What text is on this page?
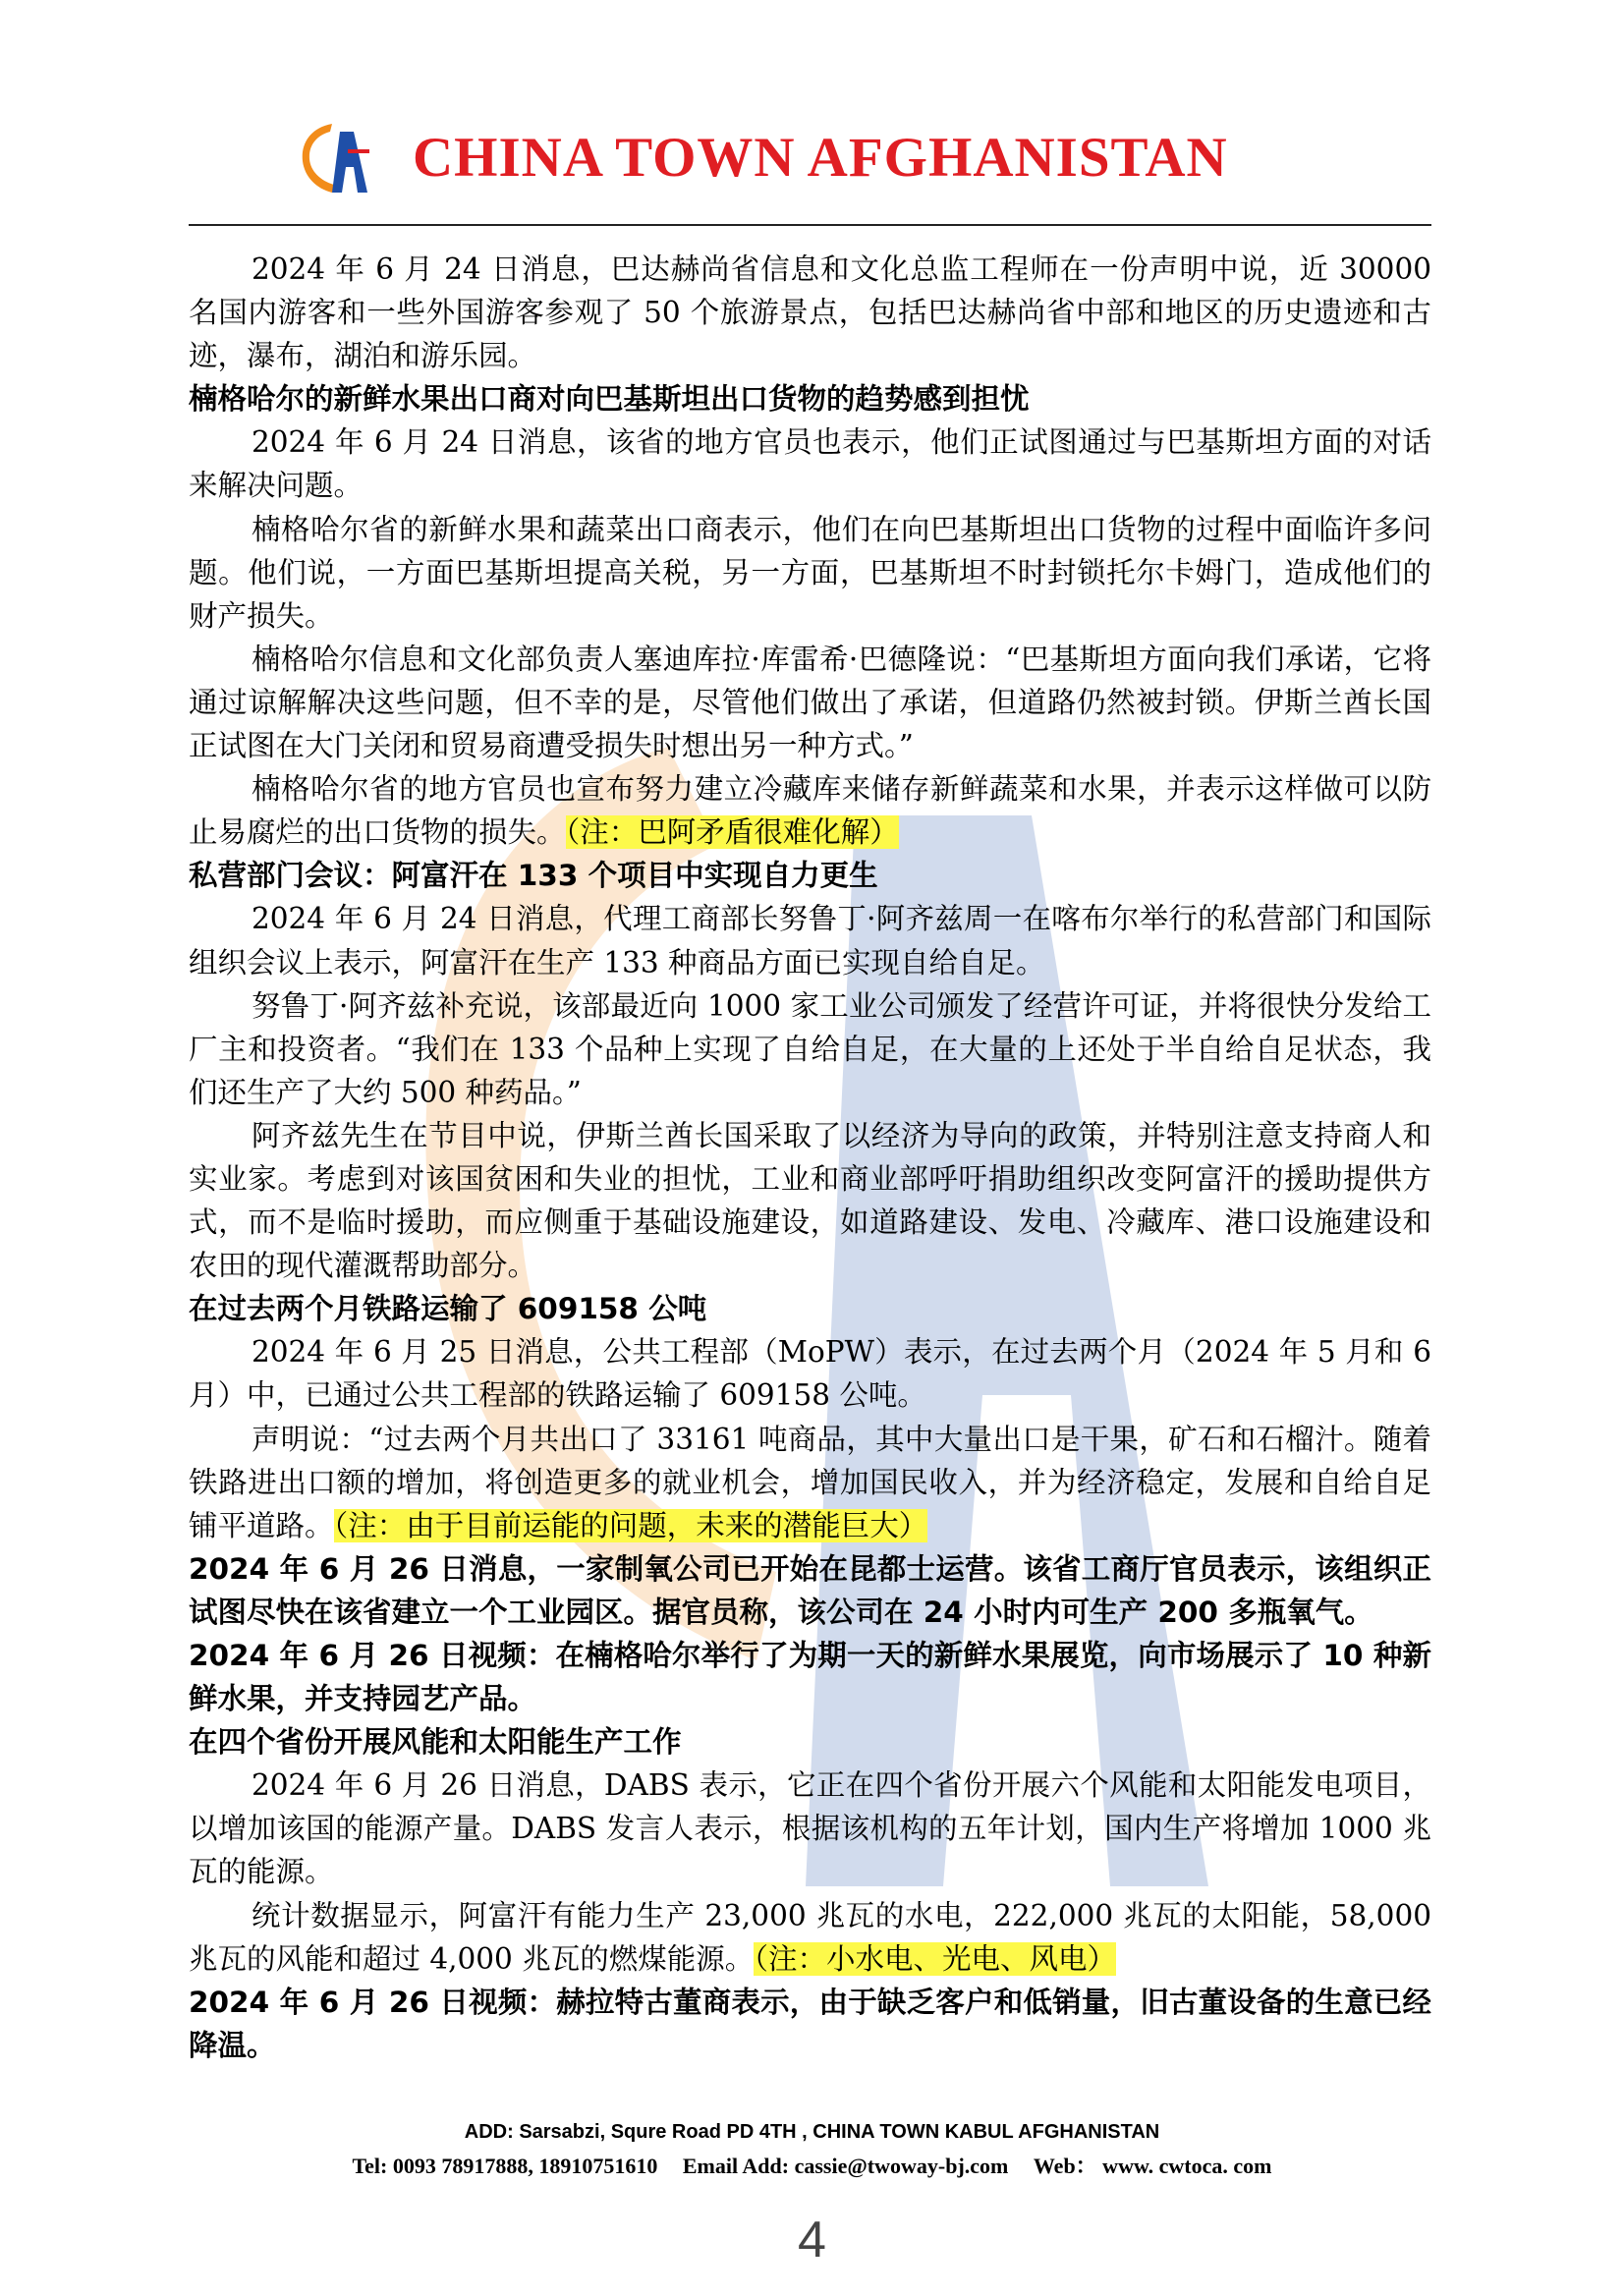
CHINA TOWN AFGHANISTAN

2024 年 6 月 24 日消息，巴达赫尚省信息和文化总监工程师在一份声明中说，近 30000 名国内游客和一些外国游客参观了 50 个旅游景点，包括巴达赫尚省中部和地区的历史遗迹和古迹，瀑布，湖泊和游乐园。

楠格哈尔的新鲜水果出口商对向巴基斯坦出口货物的趋势感到担忧

2024 年 6 月 24 日消息，该省的地方官员也表示，他们正试图通过与巴基斯坦方面的对话来解决问题。

楠格哈尔省的新鲜水果和蔬菜出口商表示，他们在向巴基斯坦出口货物的过程中面临许多问题。他们说，一方面巴基斯坦提高关税，另一方面，巴基斯坦不时封锁托尔卡姆门，造成他们的财产损失。

楠格哈尔信息和文化部负责人塞迪库拉·库雷希·巴德隆说：“巴基斯坦方面向我们承诺，它将通过谅解解决这些问题，但不幸的是，尽管他们做出了承诺，但道路仍然被封锁。伊斯兰酋长国正试图在大门关闭和贸易商遭受损失时想出另一种方式。”

楠格哈尔省的地方官员也宣布努力建立冷藏库来储存新鲜蔬菜和水果，并表示这样做可以防止易腐烂的出口货物的损失。（注：巴阿矛盾很难化解）

私营部门会议：阿富汗在 133 个项目中实现自力更生

2024 年 6 月 24 日消息，代理工商部长努鲁丁·阿齐兹周一在喀布尔举行的私营部门和国际组织会议上表示，阿富汗在生产 133 种商品方面已实现自给自足。

努鲁丁·阿齐兹补充说，该部最近向 1000 家工业公司颁发了经营许可证，并将很快分发给工厂主和投资者。“我们在 133 个品种上实现了自给自足，在大量的上还处于半自给自足状态，我们还生产了大约 500 种药品。”

阿齐兹先生在节目中说，伊斯兰酋长国采取了以经济为导向的政策，并特别注意支持商人和实业家。考虑到对该国贫困和失业的担忧，工业和商业部呼吁捐助组织改变阿富汗的援助提供方式，而不是临时援助，而应侧重于基础设施建设，如道路建设、发电、冷藏库、港口设施建设和农田的现代灌溉帮助部分。

在过去两个月铁路运输了 609158 公吨

2024 年 6 月 25 日消息，公共工程部（MoPW）表示，在过去两个月（2024 年 5 月和 6 月）中，已通过公共工程部的铁路运输了 609158 公吨。

声明说：“过去两个月共出口了 33161 吨商品，其中大量出口是干果，矿石和石榴汁。随着铁路进出口额的增加，将创造更多的就业机会，增加国民收入，并为经济稳定，发展和自给自足铺平道路。（注：由于目前运能的问题，未来的潜能巨大）

2024 年 6 月 26 日消息，一家制氧公司已开始在昆都士运营。该省工商厅官员表示，该组织正试图尽快在该省建立一个工业园区。据官员称，该公司在 24 小时内可生产 200 多瓶氧气。

2024 年 6 月 26 日视频：在楠格哈尔举行了为期一天的新鲜水果展览，向市场展示了 10 种新鲜水果，并支持园艺产品。

在四个省份开展风能和太阳能生产工作

2024 年 6 月 26 日消息，DABS 表示，它正在四个省份开展六个风能和太阳能发电项目，以增加该国的能源产量。DABS 发言人表示，根据该机构的五年计划，国内生产将增加 1000 兆瓦的能源。

统计数据显示，阿富汗有能力生产 23,000 兆瓦的水电，222,000 兆瓦的太阳能，58,000 兆瓦的风能和超过 4,000 兆瓦的燃煤能源。（注：小水电、光电、风电）

2024 年 6 月 26 日视频：赫拉特古董商表示，由于缺乏客户和低销量，旧古董设备的生意已经降温。

ADD: Sarsabzi, Squre Road PD 4TH , CHINA TOWN KABUL AFGHANISTAN
Tel: 0093 78917888, 18910751610 Email Add: cassie@twoway-bj.com Web： www. cwtoca. com
4
